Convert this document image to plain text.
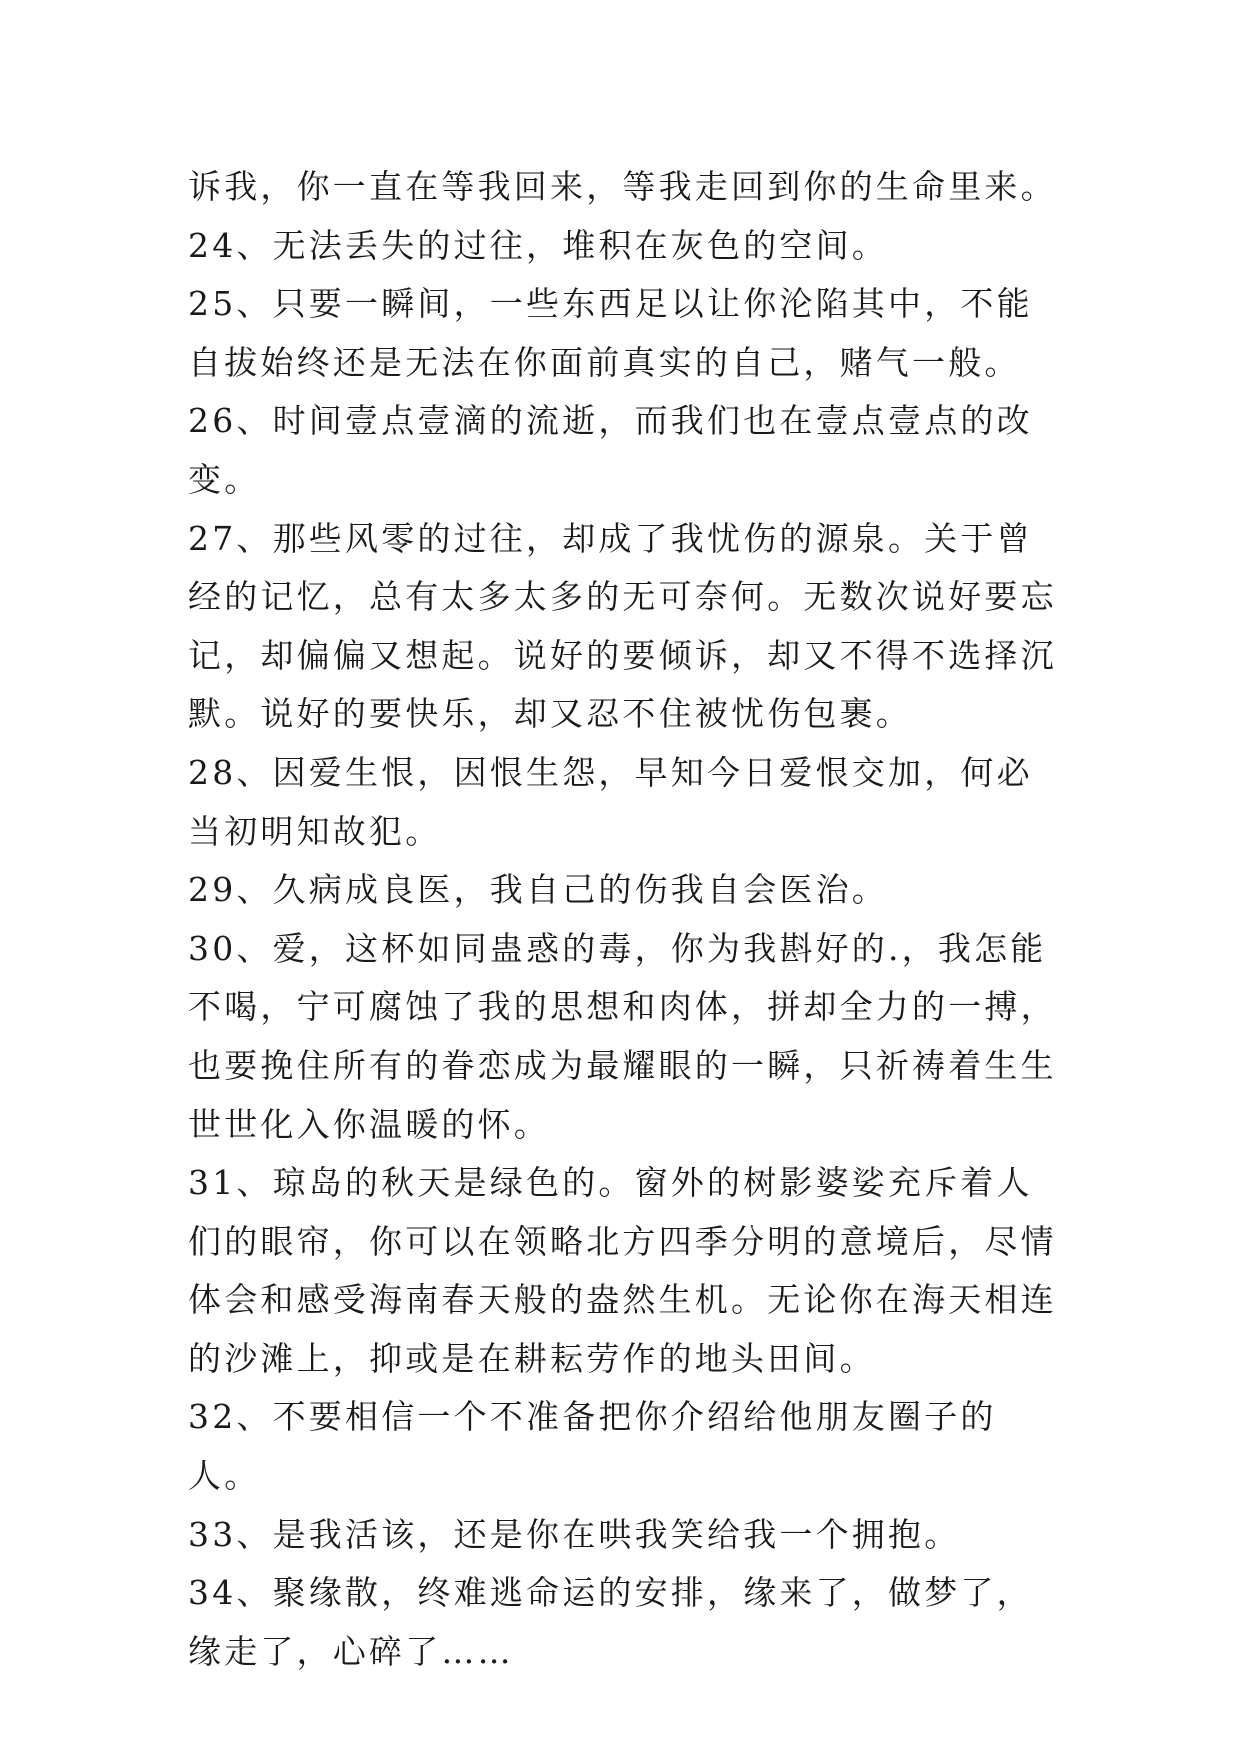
诉我，你一直在等我回来，等我走回到你的生命里来。

24、无法丢失的过往，堆积在灰色的空间。

25、只要一瞬间，一些东西足以让你沦陷其中，不能自拔始终还是无法在你面前真实的自己，赌气一般。

26、时间壹点壹滴的流逝，而我们也在壹点壹点的改变。

27、那些风零的过往，却成了我忧伤的源泉。关于曾经的记忆，总有太多太多的无可奈何。无数次说好要忘记，却偏偏又想起。说好的要倾诉，却又不得不选择沉默。说好的要快乐，却又忍不住被忧伤包裹。

28、因爱生恨，因恨生怨，早知今日爱恨交加，何必当初明知故犯。

29、久病成良医，我自己的伤我自会医治。

30、爱，这杯如同蛊惑的毒，你为我斟好的.，我怎能不喝，宁可腐蚀了我的思想和肉体，拼却全力的一搏，也要挽住所有的眷恋成为最耀眼的一瞬，只祈祷着生生世世化入你温暖的怀。

31、琼岛的秋天是绿色的。窗外的树影婆娑充斥着人们的眼帘，你可以在领略北方四季分明的意境后，尽情体会和感受海南春天般的盎然生机。无论你在海天相连的沙滩上，抑或是在耕耘劳作的地头田间。

32、不要相信一个不准备把你介绍给他朋友圈子的人。

33、是我活该，还是你在哄我笑给我一个拥抱。

34、聚缘散，终难逃命运的安排，缘来了，做梦了，缘走了，心碎了……
